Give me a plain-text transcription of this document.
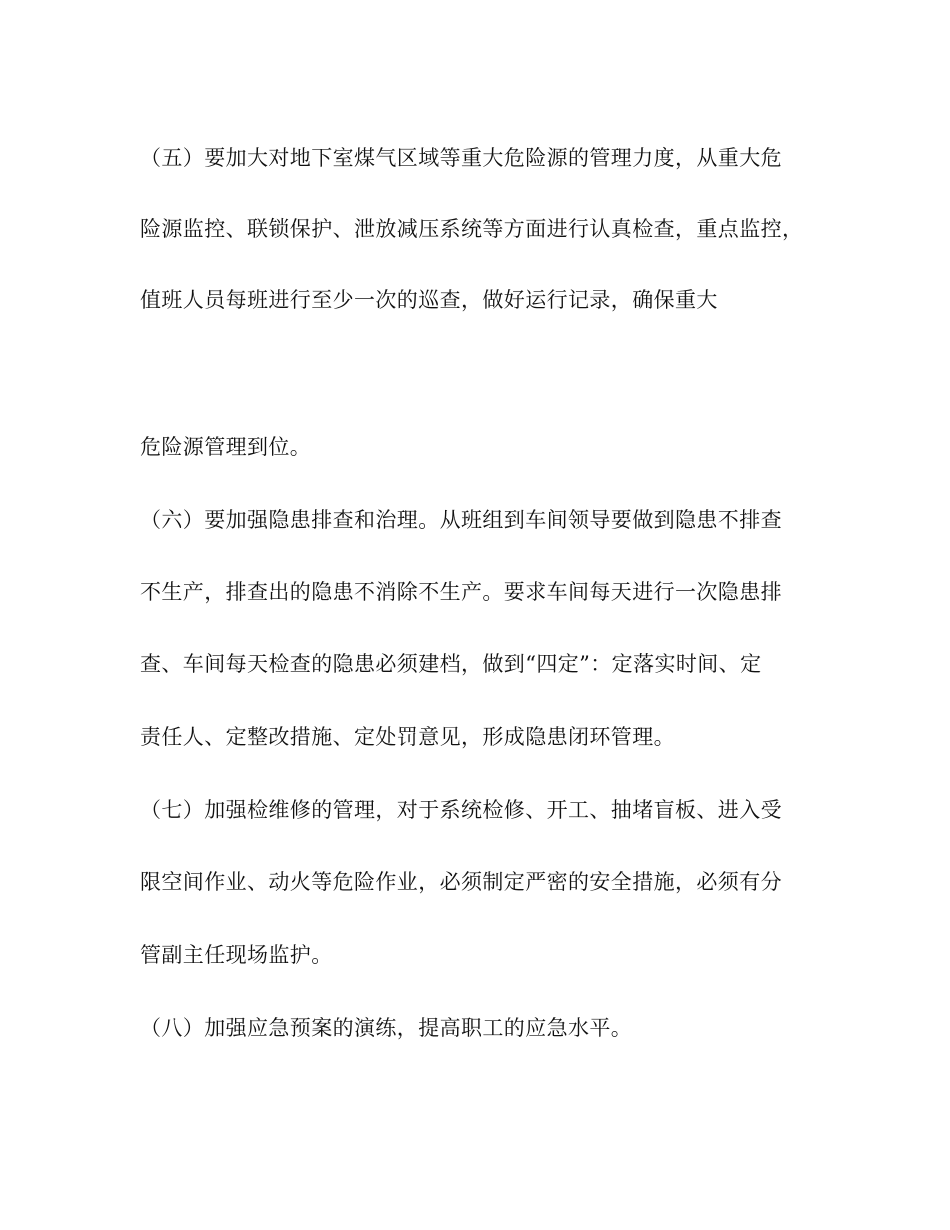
（五）要加大对地下室煤气区域等重大危险源的管理力度，从重大危
险源监控、联锁保护、泄放减压系统等方面进行认真检查，重点监控，
值班人员每班进行至少一次的巡查，做好运行记录，确保重大
危险源管理到位。
（六）要加强隐患排查和治理。从班组到车间领导要做到隐患不排查
不生产，排查出的隐患不消除不生产。要求车间每天进行一次隐患排
查、车间每天检查的隐患必须建档，做到“四定”：定落实时间、定
责任人、定整改措施、定处罚意见，形成隐患闭环管理。
（七）加强检维修的管理，对于系统检修、开工、抽堵盲板、进入受
限空间作业、动火等危险作业，必须制定严密的安全措施，必须有分
管副主任现场监护。
（八）加强应急预案的演练，提高职工的应急水平。
